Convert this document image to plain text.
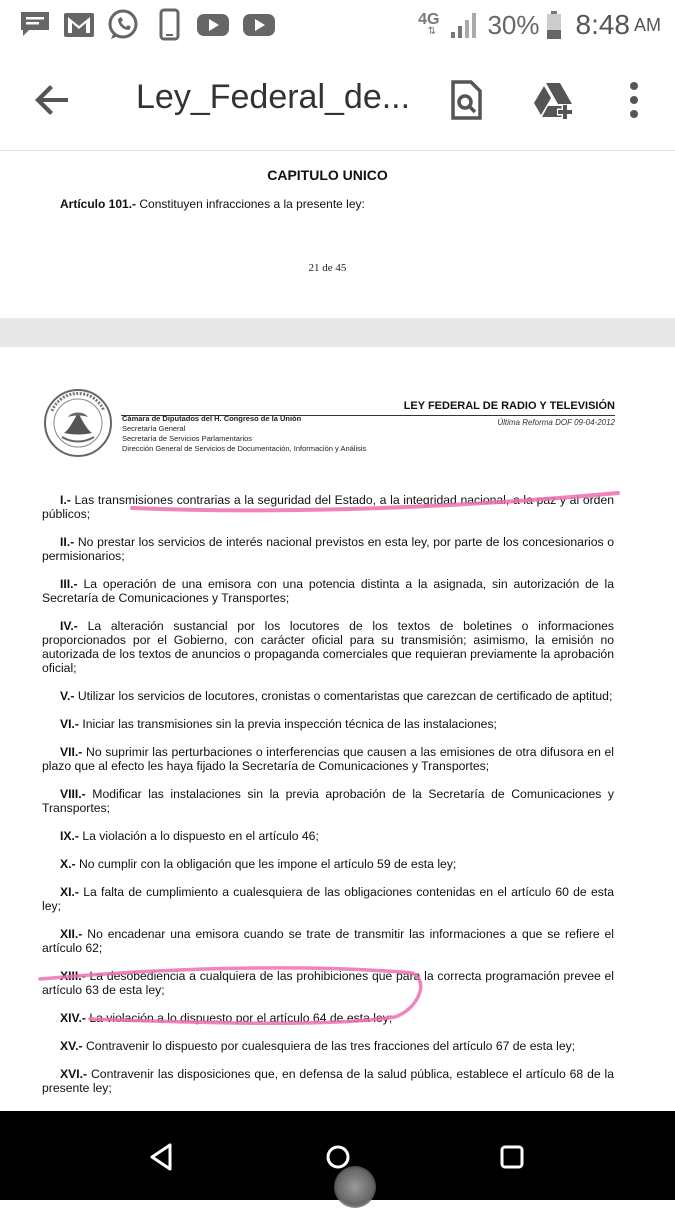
4G
⇅ 30% 8:48 AM
Ley_Federal_de...
CAPITULO UNICO
Artículo 101.- Constituyen infracciones a la presente ley:
21 de 45
Cámara de Diputados del H. Congreso de la Unión
Secretaría General
Secretaría de Servicios Parlamentarios
Dirección General de Servicios de Documentación, Información y Análisis
LEY FEDERAL DE RADIO Y TELEVISIÓN
Última Reforma DOF 09-04-2012

I.- Las transmisiones contrarias a la seguridad del Estado, a la integridad nacional, a la paz y al orden públicos;

II.- No prestar los servicios de interés nacional previstos en esta ley, por parte de los concesionarios o permisionarios;

III.- La operación de una emisora con una potencia distinta a la asignada, sin autorización de la Secretaría de Comunicaciones y Transportes;

IV.- La alteración sustancial por los locutores de los textos de boletines o informaciones proporcionados por el Gobierno, con carácter oficial para su transmisión; asimismo, la emisión no autorizada de los textos de anuncios o propaganda comerciales que requieran previamente la aprobación oficial;

V.- Utilizar los servicios de locutores, cronistas o comentaristas que carezcan de certificado de aptitud;

VI.- Iniciar las transmisiones sin la previa inspección técnica de las instalaciones;

VII.- No suprimir las perturbaciones o interferencias que causen a las emisiones de otra difusora en el plazo que al efecto les haya fijado la Secretaría de Comunicaciones y Transportes;

VIII.- Modificar las instalaciones sin la previa aprobación de la Secretaría de Comunicaciones y Transportes;

IX.- La violación a lo dispuesto en el artículo 46;

X.- No cumplir con la obligación que les impone el artículo 59 de esta ley;

XI.- La falta de cumplimiento a cualesquiera de las obligaciones contenidas en el artículo 60 de esta ley;

XII.- No encadenar una emisora cuando se trate de transmitir las informaciones a que se refiere el artículo 62;

XIII.- La desobediencia a cualquiera de las prohibiciones que para la correcta programación prevee el artículo 63 de esta ley;

XIV.- La violación a lo dispuesto por el artículo 64 de esta ley;

XV.- Contravenir lo dispuesto por cualesquiera de las tres fracciones del artículo 67 de esta ley;

XVI.- Contravenir las disposiciones que, en defensa de la salud pública, establece el artículo 68 de la presente ley;
